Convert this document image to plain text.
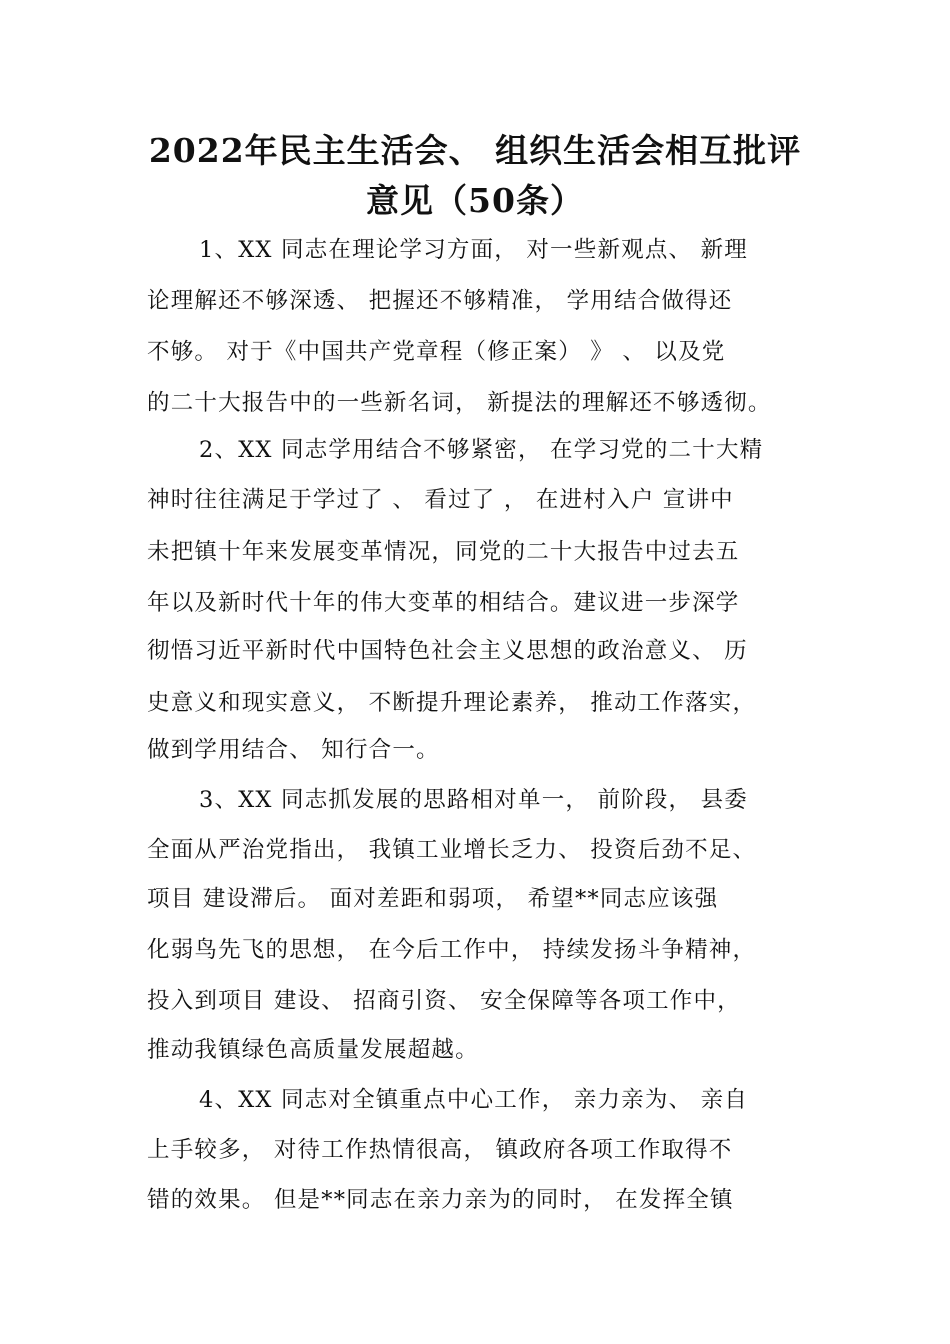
2022年民主生活会、 组织生活会相互批评
意见（50条）
1、XX 同志在理论学习方面， 对一些新观点、 新理
论理解还不够深透、 把握还不够精准， 学用结合做得还
不够。 对于《中国共产党章程（修正案） 》 、 以及党
的二十大报告中的一些新名词， 新提法的理解还不够透彻。
2、XX 同志学用结合不够紧密， 在学习党的二十大精
神时往往满足于学过了 、 看过了 ， 在进村入户 宣讲中
未把镇十年来发展变革情况，同党的二十大报告中过去五
年以及新时代十年的伟大变革的相结合。建议进一步深学
彻悟习近平新时代中国特色社会主义思想的政治意义、 历
史意义和现实意义， 不断提升理论素养， 推动工作落实，
做到学用结合、 知行合一。
3、XX 同志抓发展的思路相对单一， 前阶段， 县委
全面从严治党指出， 我镇工业增长乏力、 投资后劲不足、
项目 建设滞后。 面对差距和弱项， 希望**同志应该强
化弱鸟先飞的思想， 在今后工作中， 持续发扬斗争精神，
投入到项目 建设、 招商引资、 安全保障等各项工作中，
推动我镇绿色高质量发展超越。
4、XX 同志对全镇重点中心工作， 亲力亲为、 亲自
上手较多， 对待工作热情很高， 镇政府各项工作取得不
错的效果。 但是**同志在亲力亲为的同时， 在发挥全镇
